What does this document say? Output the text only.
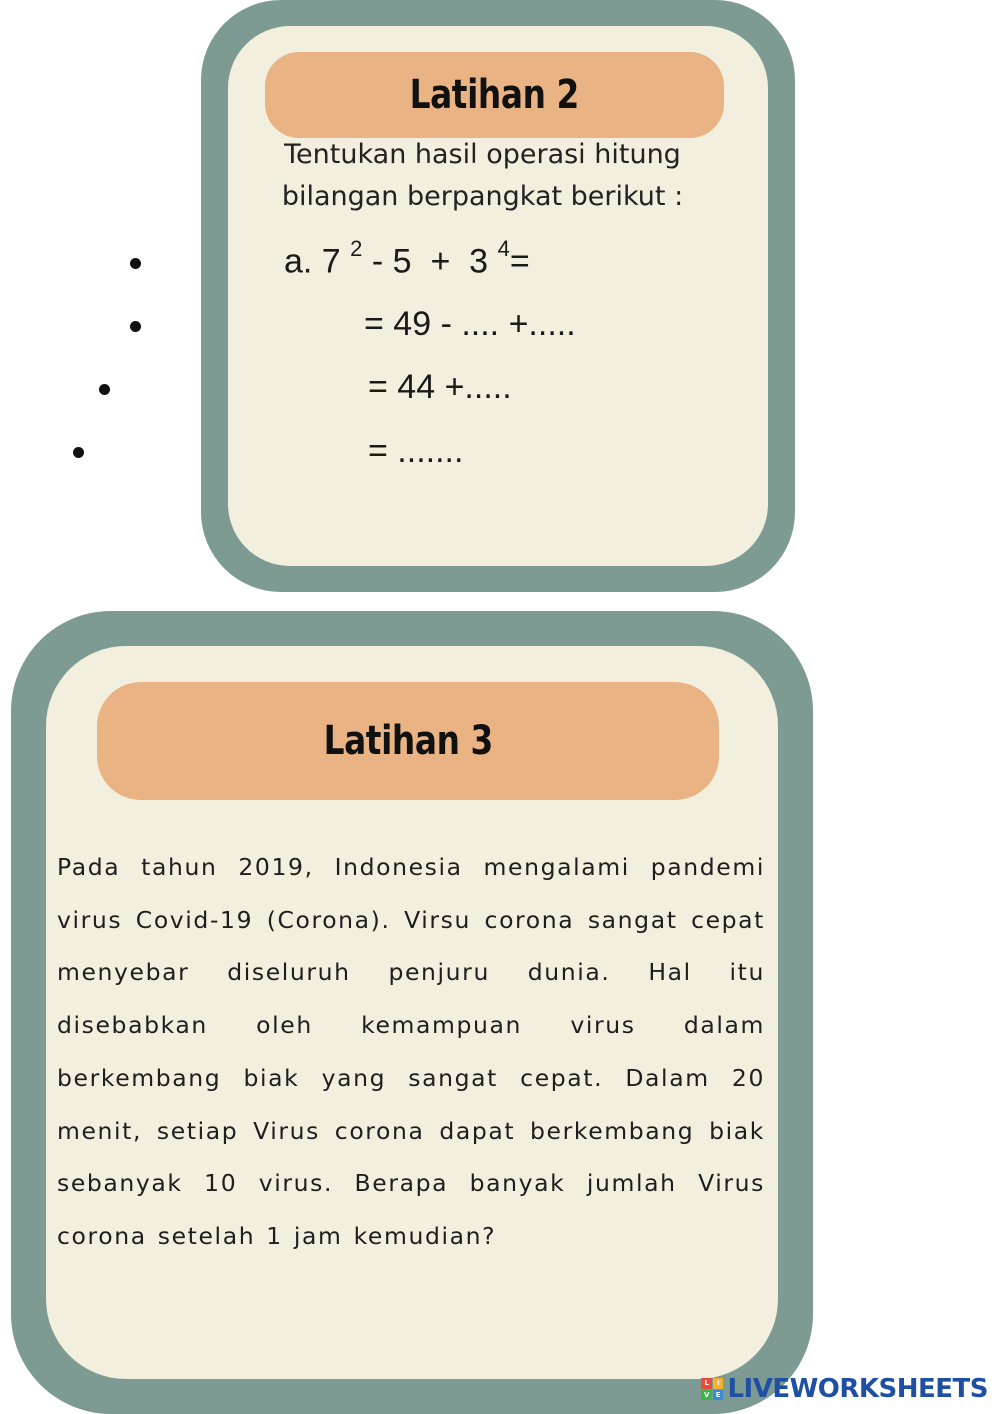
Latihan 2
Tentukan hasil operasi hitung
bilangan berpangkat berikut :
a. 7 $^2$ - 5  +  3 $^4$=
= 49 - .... +.....
= 44 +.....
= .......
Latihan 3
Pada tahun 2019, Indonesia mengalami pandemi virus Covid-19 (Corona). Virsu corona sangat cepat menyebar diseluruh penjuru dunia. Hal itu disebabkan oleh kemampuan virus dalam berkembang biak yang sangat cepat. Dalam 20 menit, setiap Virus corona dapat berkembang biak sebanyak 10 virus. Berapa banyak jumlah Virus corona setelah 1 jam kemudian?
L	I
V E LIVEWORKSHEETS
